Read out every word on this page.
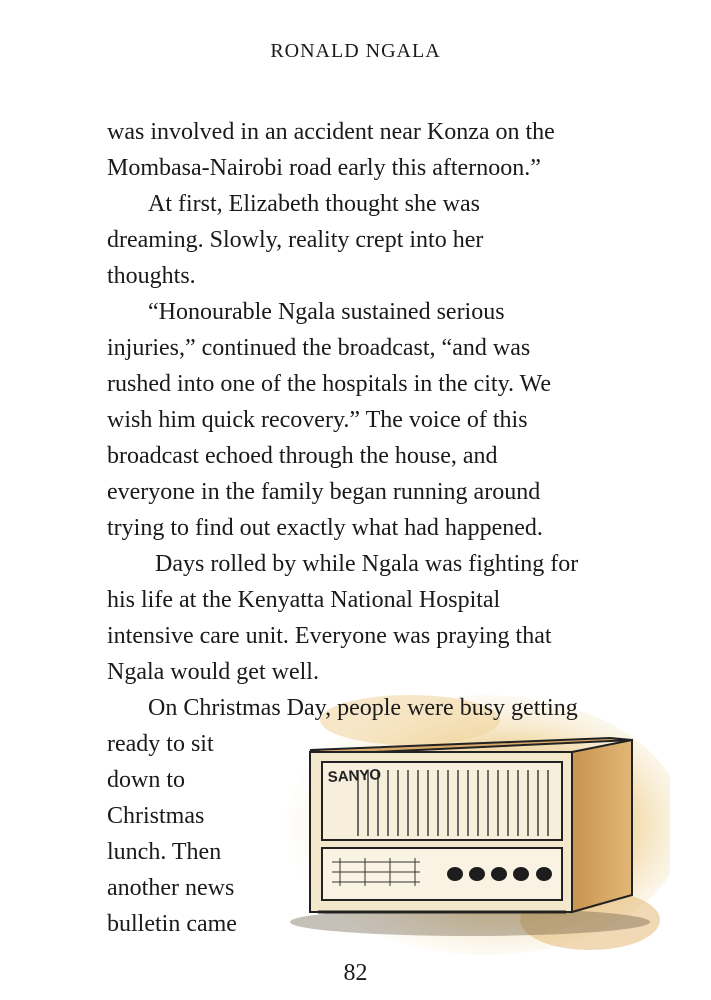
RONALD NGALA
was involved in an accident near Konza on the
Mombasa-Nairobi road early this afternoon.”
At first, Elizabeth thought she was
dreaming. Slowly, reality crept into her
thoughts.
“Honourable Ngala sustained serious
injuries,” continued the broadcast, “and was
rushed into one of the hospitals in the city. We
wish him quick recovery.” The voice of this
broadcast echoed through the house, and
everyone in the family began running around
trying to find out exactly what had happened.
Days rolled by while Ngala was fighting for
his life at the Kenyatta National Hospital
intensive care unit. Everyone was praying that
Ngala would get well.
SANYO
On Christmas Day, people were busy getting
ready to sit
down to
Christmas
lunch. Then
another news
bulletin came
82
